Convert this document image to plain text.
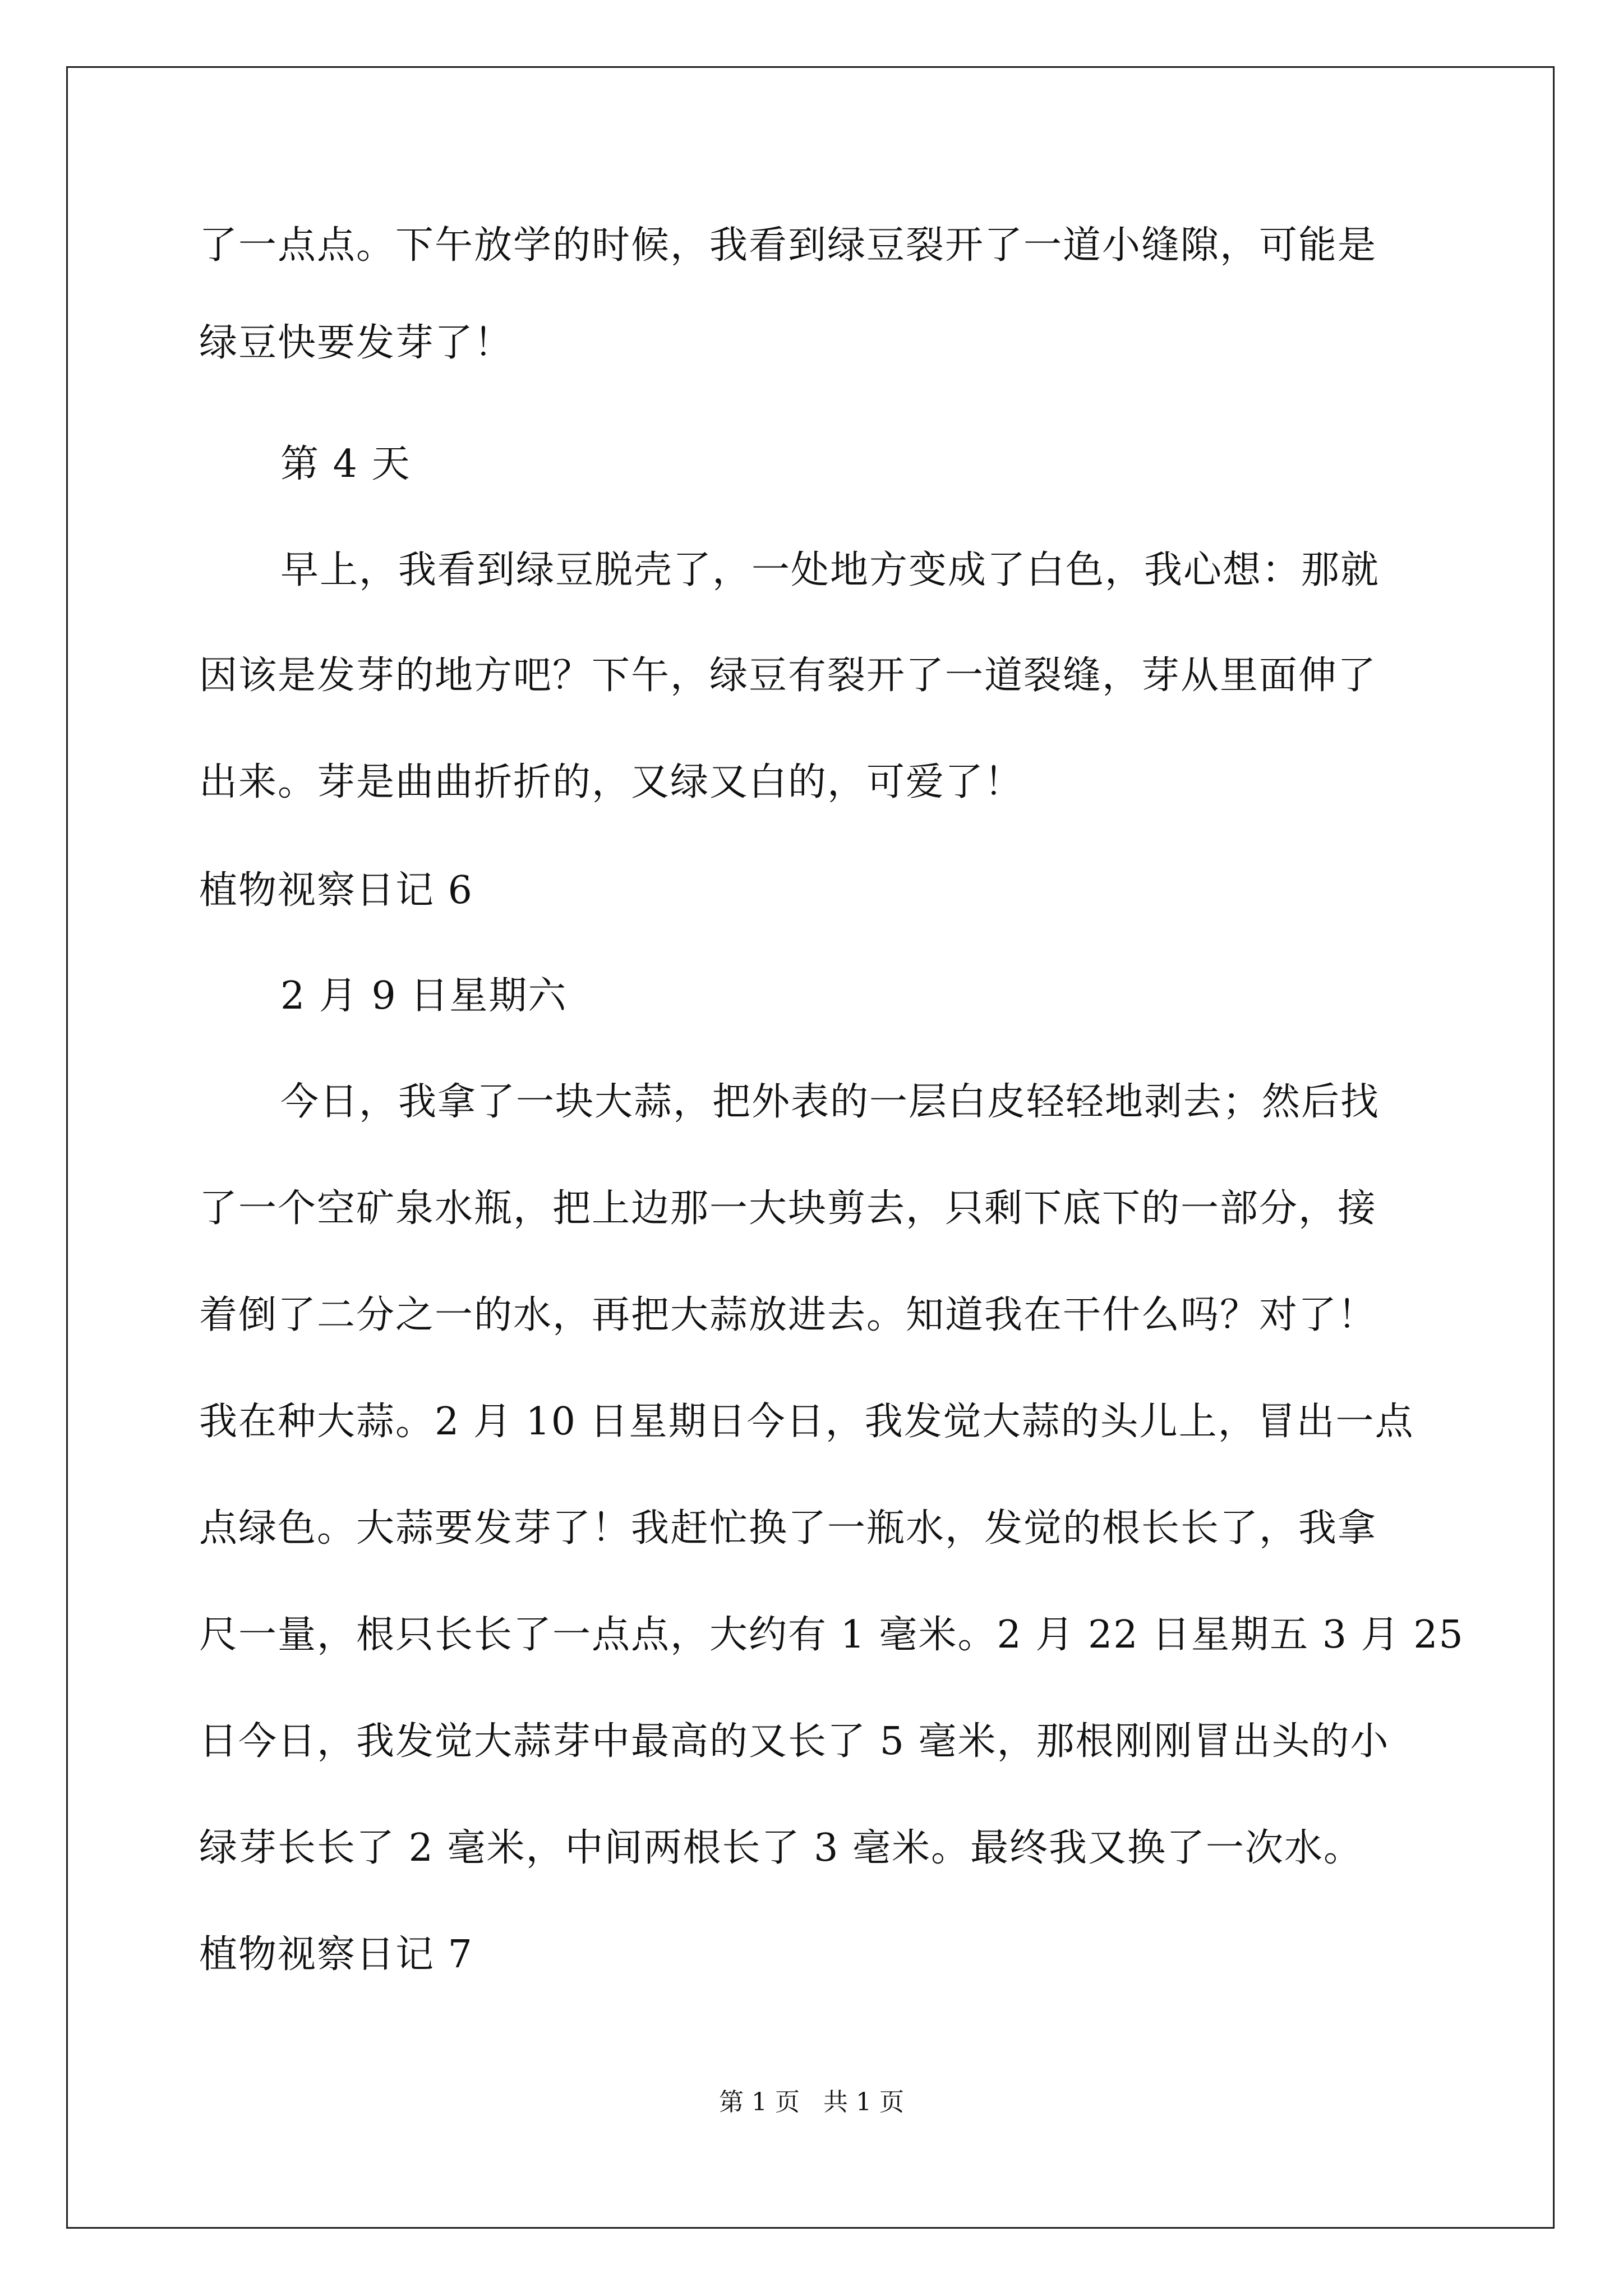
了一点点。下午放学的时候，我看到绿豆裂开了一道小缝隙，可能是
绿豆快要发芽了！
第 4 天
早上，我看到绿豆脱壳了，一处地方变成了白色，我心想：那就
因该是发芽的地方吧？下午，绿豆有裂开了一道裂缝，芽从里面伸了
出来。芽是曲曲折折的，又绿又白的，可爱了！
植物视察日记 6
2 月 9 日星期六
今日，我拿了一块大蒜，把外表的一层白皮轻轻地剥去；然后找
了一个空矿泉水瓶，把上边那一大块剪去，只剩下底下的一部分，接
着倒了二分之一的水，再把大蒜放进去。知道我在干什么吗？对了！
我在种大蒜。2 月 10 日星期日今日，我发觉大蒜的头儿上，冒出一点
点绿色。大蒜要发芽了！我赶忙换了一瓶水，发觉的根长长了，我拿
尺一量，根只长长了一点点，大约有 1 毫米。2 月 22 日星期五 3 月 25
日今日，我发觉大蒜芽中最高的又长了 5 毫米，那根刚刚冒出头的小
绿芽长长了 2 毫米，中间两根长了 3 毫米。最终我又换了一次水。
植物视察日记 7
第 1 页   共 1 页
